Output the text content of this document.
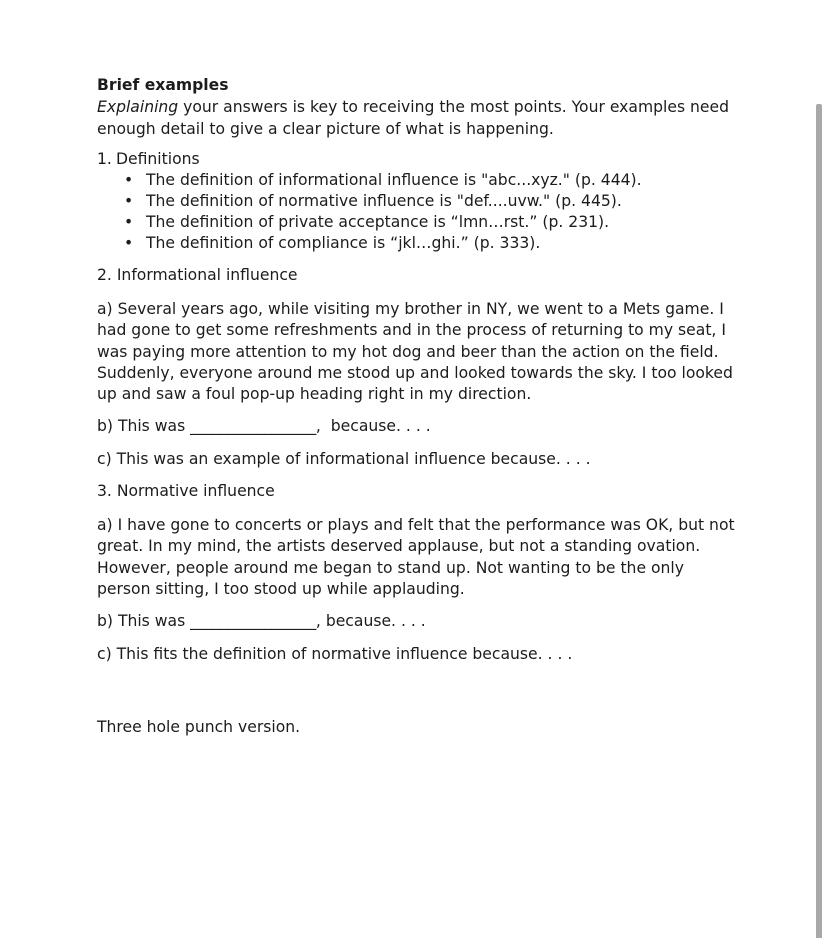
Brief examples

Explaining your answers is key to receiving the most points. Your examples need enough detail to give a clear picture of what is happening.

1. Definitions
• The definition of informational influence is "abc...xyz." (p. 444).
• The definition of normative influence is "def....uvw." (p. 445).
• The definition of private acceptance is “lmn…rst.” (p. 231).
• The definition of compliance is “jkl…ghi.” (p. 333).

2. Informational influence

a) Several years ago, while visiting my brother in NY, we went to a Mets game. I had gone to get some refreshments and in the process of returning to my seat, I was paying more attention to my hot dog and beer than the action on the field. Suddenly, everyone around me stood up and looked towards the sky. I too looked up and saw a foul pop-up heading right in my direction.

b) This was _________________,  because. . . .

c) This was an example of informational influence because. . . .

3. Normative influence

a) I have gone to concerts or plays and felt that the performance was OK, but not great. In my mind, the artists deserved applause, but not a standing ovation. However, people around me began to stand up. Not wanting to be the only person sitting, I too stood up while applauding.

b) This was _________________, because. . . .

c) This fits the definition of normative influence because. . . .

Three hole punch version.
